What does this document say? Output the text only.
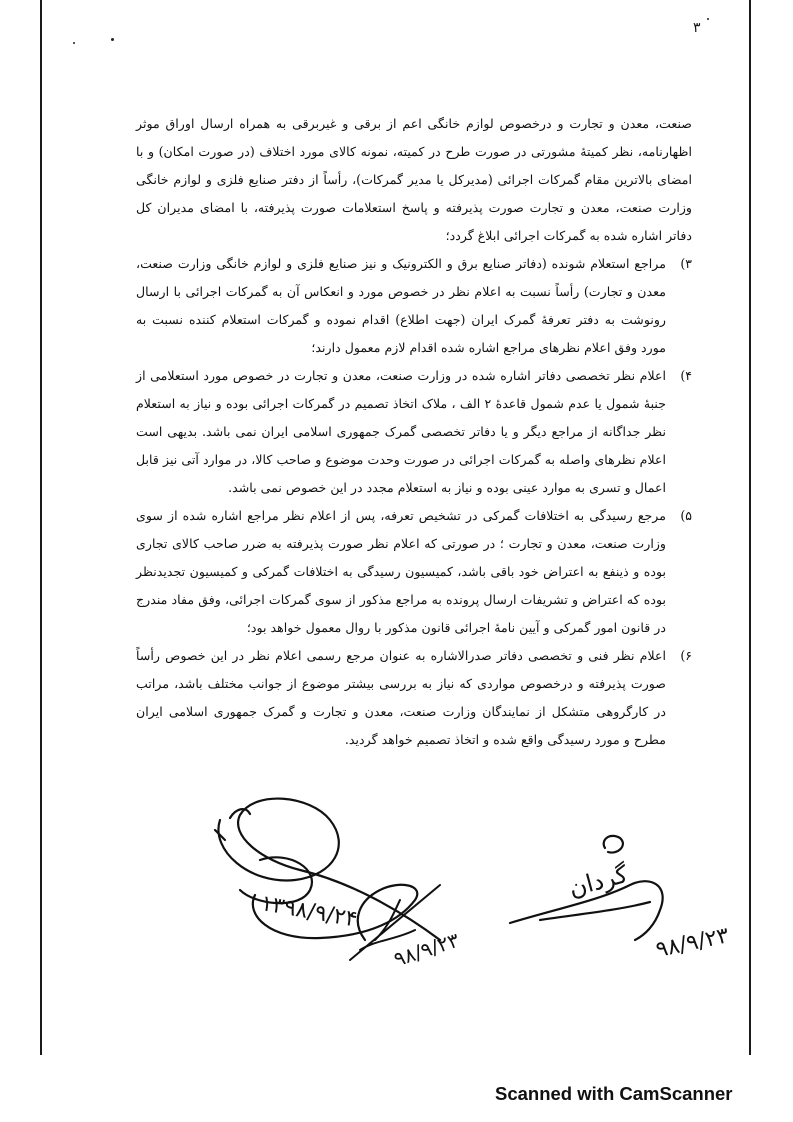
۳

صنعت، معدن و تجارت و درخصوص لوازم خانگی اعم از برقی و غیربرقی به همراه ارسال اوراق موثر اظهارنامه، نظر کمیتهٔ مشورتی در صورت طرح در کمیته، نمونه کالای مورد اختلاف (در صورت امکان) و با امضای بالاترین مقام گمرکات اجرائی (مدیرکل یا مدیر گمرکات)، رأساً از دفتر صنایع فلزی و لوازم خانگی وزارت صنعت، معدن و تجارت صورت پذیرفته و پاسخ استعلامات صورت پذیرفته، با امضای مدیران کل دفاتر اشاره شده به گمرکات اجرائی ابلاغ گردد؛

۳)

مراجع استعلام شونده (دفاتر صنایع برق و الکترونیک و نیز صنایع فلزی و لوازم خانگی وزارت صنعت، معدن و تجارت) رأساً نسبت به اعلام نظر در خصوص مورد و انعکاس آن به گمرکات اجرائی با ارسال رونوشت به دفتر تعرفهٔ گمرک ایران (جهت اطلاع) اقدام نموده و گمرکات استعلام کننده نسبت به مورد وفق اعلام نظرهای مراجع اشاره شده اقدام لازم معمول دارند؛

۴)

اعلام نظر تخصصی دفاتر اشاره شده در وزارت صنعت، معدن و تجارت در خصوص مورد استعلامی از جنبهٔ شمول یا عدم شمول قاعدهٔ ۲ الف ، ملاک اتخاذ تصمیم در گمرکات اجرائی بوده و نیاز به استعلام نظر جداگانه از مراجع دیگر و یا دفاتر تخصصی گمرک جمهوری اسلامی ایران نمی باشد. بدیهی است اعلام نظرهای واصله به گمرکات اجرائی در صورت وحدت موضوع و صاحب کالا، در موارد آتی نیز قابل اعمال و تسری به موارد عینی بوده و نیاز به استعلام مجدد در این خصوص نمی باشد.

۵)

مرجع رسیدگی به اختلافات گمرکی در تشخیص تعرفه، پس از اعلام نظر مراجع اشاره شده از سوی وزارت صنعت، معدن و تجارت ؛ در صورتی که اعلام نظر صورت پذیرفته به ضرر صاحب کالای تجاری بوده و ذینفع به اعتراض خود باقی باشد، کمیسیون رسیدگی به اختلافات گمرکی و کمیسیون تجدیدنظر بوده که اعتراض و تشریفات ارسال پرونده به مراجع مذکور از سوی گمرکات اجرائی، وفق مفاد مندرج در قانون امور گمرکی و آیین نامهٔ اجرائی قانون مذکور با روال معمول خواهد بود؛

۶)

اعلام نظر فنی و تخصصی دفاتر صدرالاشاره به عنوان مرجع رسمی اعلام نظر در این خصوص رأساً صورت پذیرفته و درخصوص مواردی که نیاز به بررسی بیشتر موضوع از جوانب مختلف باشد، مراتب در کارگروهی متشکل از نمایندگان وزارت صنعت، معدن و تجارت و گمرک جمهوری اسلامی ایران مطرح و مورد رسیدگی واقع شده و اتخاذ تصمیم خواهد گردید.

۱۳۹۸/۹/۲۴
۹۸/۹/۲۳
گردان
۹۸/۹/۲۳
Scanned with CamScanner
